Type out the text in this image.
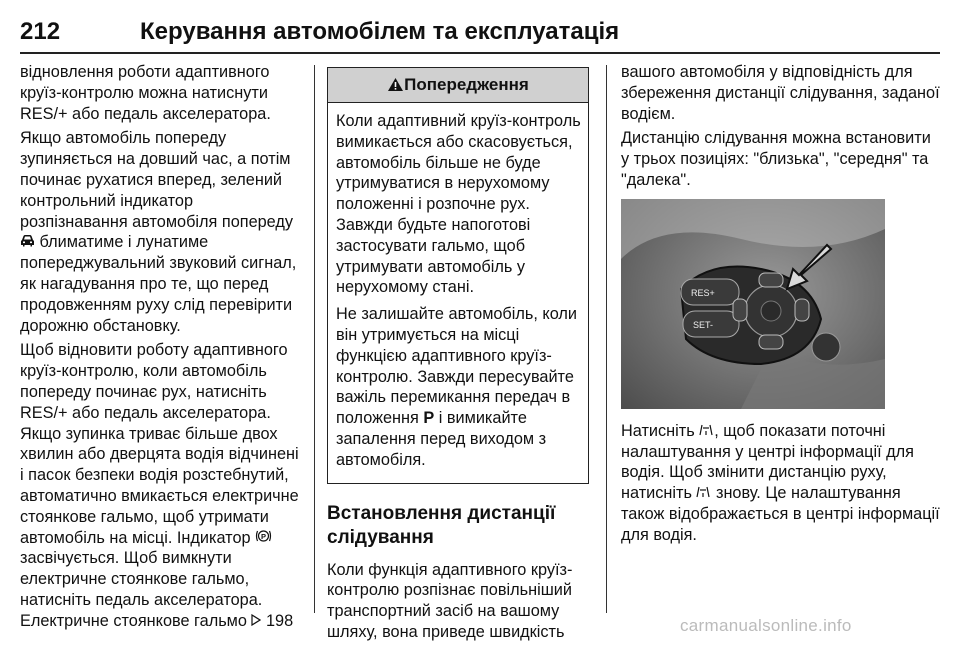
212	Керування автомобілем та експлуатація

відновлення роботи адаптивного круїз-контролю можна натиснути RES/+ або педаль акселератора.

Якщо автомобіль попереду зупиняється на довший час, а потім починає рухатися вперед, зелений контрольний індикатор розпізнавання автомобіля попереду  блиматиме і лунатиме попереджувальний звуковий сигнал, як нагадування про те, що перед продовженням руху слід перевірити дорожню обстановку.

Щоб відновити роботу адаптивного круїз-контролю, коли автомобіль попереду починає рух, натисніть RES/+ або педаль акселератора. Якщо зупинка триває більше двох хвилин або дверцята водія відчинені і пасок безпеки водія розстебнутий, автоматично вмикається електричне стоянкове гальмо, щоб утримати автомобіль на місці. Індикатор P
засвічується. Щоб вимкнути електричне стоянкове гальмо, натисніть педаль акселератора. Електричне стоянкове гальмо  198

Попередження

Коли адаптивний круїз-контроль вимикається або скасовується, автомобіль більше не буде утримуватися в нерухомому положенні і розпочне рух. Завжди будьте напоготові застосувати гальмо, щоб утримувати автомобіль у нерухомому стані.

Не залишайте автомобіль, коли він утримується на місці функцією адаптивного круїз-контролю. Завжди пересувайте важіль перемикання передач в положення P і вимикайте запалення перед виходом з автомобіля.

Встановлення дистанції слідування

Коли функція адаптивного круїз-контролю розпізнає повільніший транспортний засіб на вашому шляху, вона приведе швидкість

вашого автомобіля у відповідність для збереження дистанції слідування, заданої водієм.

Дистанцію слідування можна встановити у трьох позиціях: "близька", "середня" та "далека".

RES+
SET-

Натисніть , щоб показати поточні налаштування у центрі інформації для водія. Щоб змінити дистанцію руху, натисніть  знову. Це налаштування також відображається в центрі інформації для водія.

carmanualsonline.info
